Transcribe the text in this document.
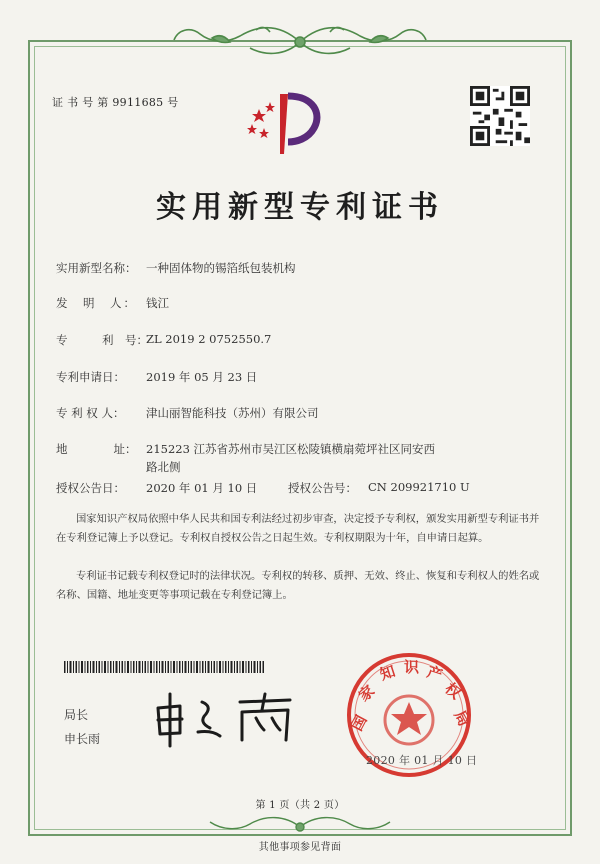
证 书 号 第 9911685 号
实用新型专利证书
实用新型名称： 一种固体物的锡箔纸包装机构
发　明　人： 钱江
专　　　利　号：
ZL 2019 2 0752550.7
专利申请日： 2019 年 05 月 23 日
专 利 权 人： 津山丽智能科技（苏州）有限公司
地　　　　址： 215223 江苏省苏州市吴江区松陵镇横扇菀坪社区同安西
路北侧
授权公告日： 2020 年 01 月 10 日	授权公告号： CN 209921710 U
国家知识产权局依照中华人民共和国专利法经过初步审查，决定授予专利权，颁发实用新型专利证书并在专利登记簿上予以登记。专利权自授权公告之日起生效。专利权期限为十年，自申请日起算。
专利证书记载专利权登记时的法律状况。专利权的转移、质押、无效、终止、恢复和专利权人的姓名或名称、国籍、地址变更等事项记载在专利登记簿上。
局长
申长雨
国
家
知 识 产
权
局
2020 年 01 月 10 日
第 1 页（共 2 页）
其他事项参见背面
